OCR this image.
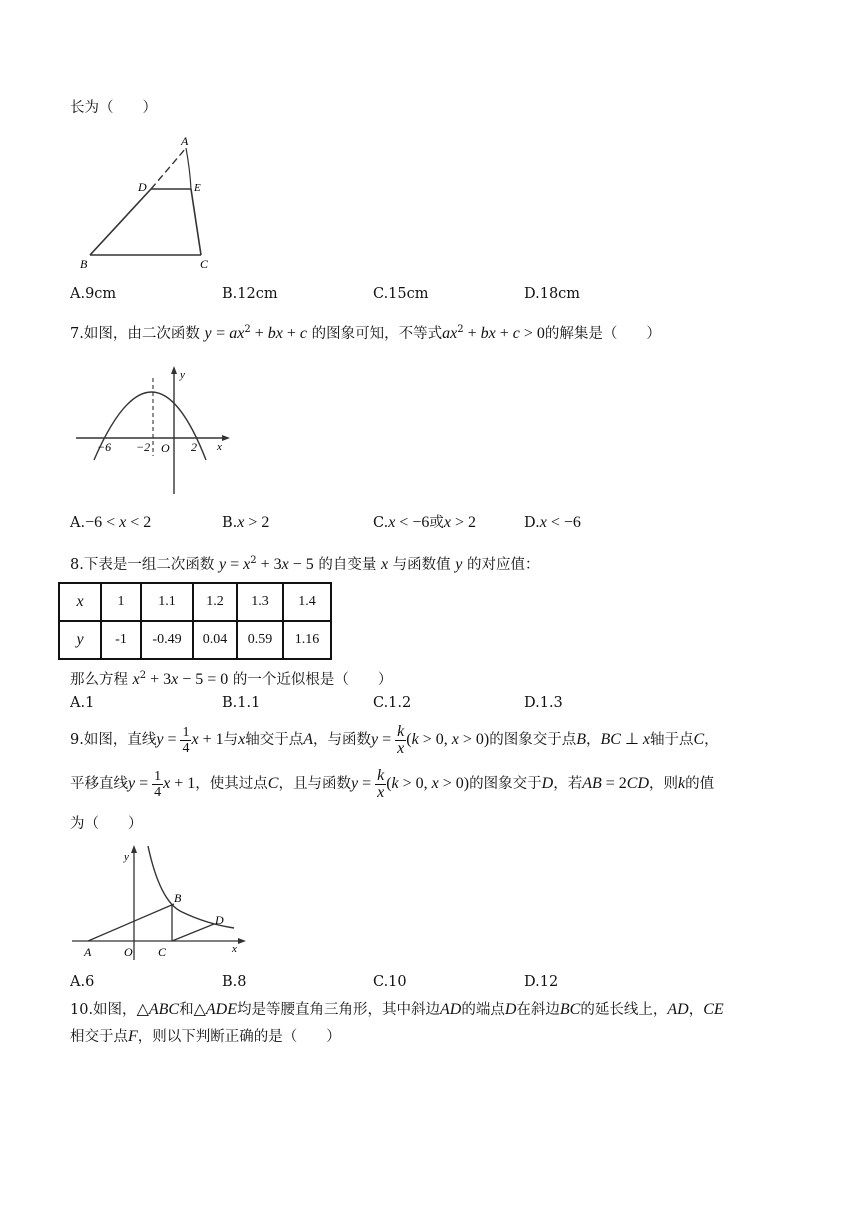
长为（　　）
A
D	E
B	C
A.9cm	B.12cm	C.15cm	D.18cm
7.如图，由二次函数 $y = ax^2$ + bx + c 的图象可知，不等式$ax^2$ + bx + c > 0的解集是（　　）
y
x
−6 −2 O 2
A.−6 < x < 2	B.x > 2	C.x < −6或x > 2	D.x < −6
8.下表是一组二次函数 $y = x^2 + 3x - 5$ 的自变量 x 与函数值 y 的对应值：
x	1	1.1	1.2	1.3	1.4
y	-1	-0.49	0.04	0.59	1.16
那么方程 $x^2 + 3x - 5 = 0$ 的一个近似根是（　　）
A.1	B.1.1	C.1.2	D.1.3
9.如图，直线$y = \frac{1}{4}$ x + 1与x轴交于点A，与函数$y = \frac{k}{x} (k > 0$, x > 0)的图象交于点B，BC ⊥ x轴于点C，
平移直线$y = \frac{1}{4}$ x + 1，使其过点C，且与函数$y = \frac{k}{x} (k > 0$, x > 0)的图象交于D，若AB = 2CD，则k的值
为（　　）
y
x
A	O
B
C
D
A.6	B.8	C.10	D.12
10.如图，△ABC和△ADE均是等腰直角三角形，其中斜边AD的端点D在斜边BC的延长线上，AD，CE
相交于点F，则以下判断正确的是（　　）
